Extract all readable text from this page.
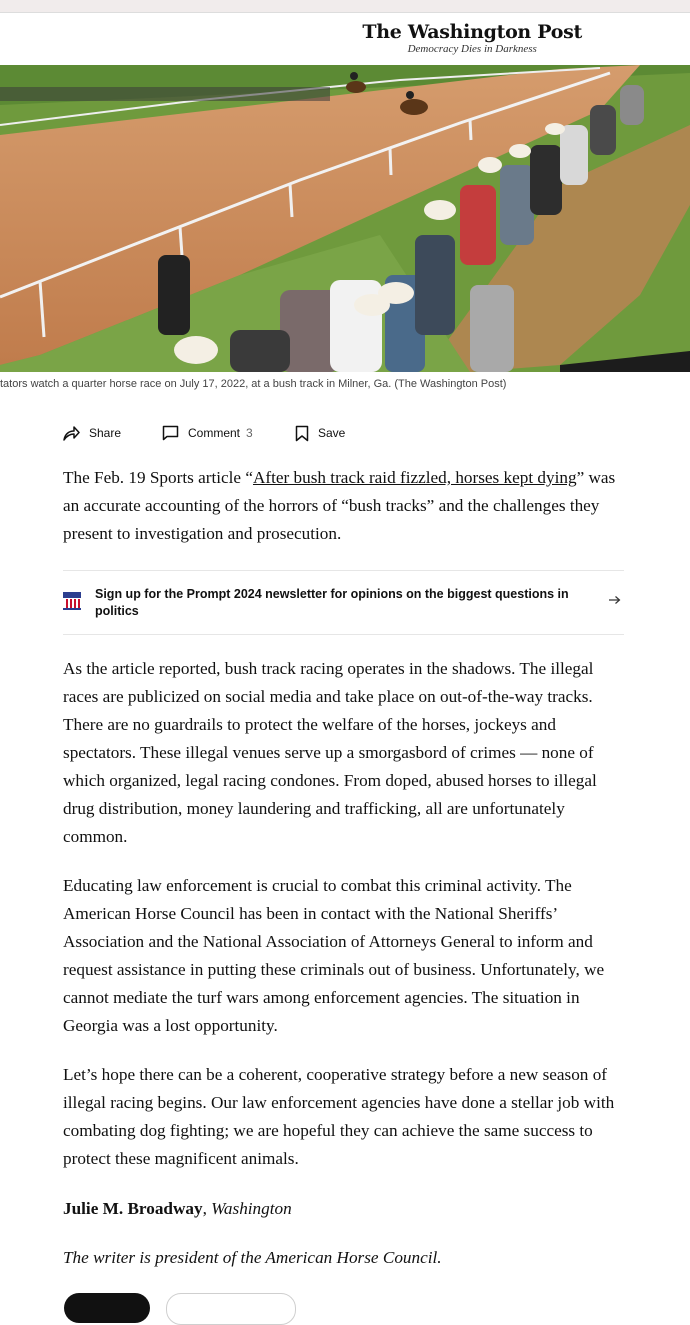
The Washington Post
Democracy Dies in Darkness
tators watch a quarter horse race on July 17, 2022, at a bush track in Milner, Ga. (The Washington Post)
Share	Comment 3	Save

The Feb. 19 Sports article “After bush track raid fizzled, horses kept dying” was an accurate accounting of the horrors of “bush tracks” and the challenges they present to investigation and prosecution.

Sign up for the Prompt 2024 newsletter for opinions on the biggest questions in politics

As the article reported, bush track racing operates in the shadows. The illegal races are publicized on social media and take place on out-of-the-way tracks. There are no guardrails to protect the welfare of the horses, jockeys and spectators. These illegal venues serve up a smorgasbord of crimes — none of which organized, legal racing condones. From doped, abused horses to illegal drug distribution, money laundering and trafficking, all are unfortunately common.

Educating law enforcement is crucial to combat this criminal activity. The American Horse Council has been in contact with the National Sheriffs’ Association and the National Association of Attorneys General to inform and request assistance in putting these criminals out of business. Unfortunately, we cannot mediate the turf wars among enforcement agencies. The situation in Georgia was a lost opportunity.

Let’s hope there can be a coherent, cooperative strategy before a new season of illegal racing begins. Our law enforcement agencies have done a stellar job with combating dog fighting; we are hopeful they can achieve the same success to protect these magnificent animals.

Julie M. Broadway, Washington
The writer is president of the American Horse Council.
